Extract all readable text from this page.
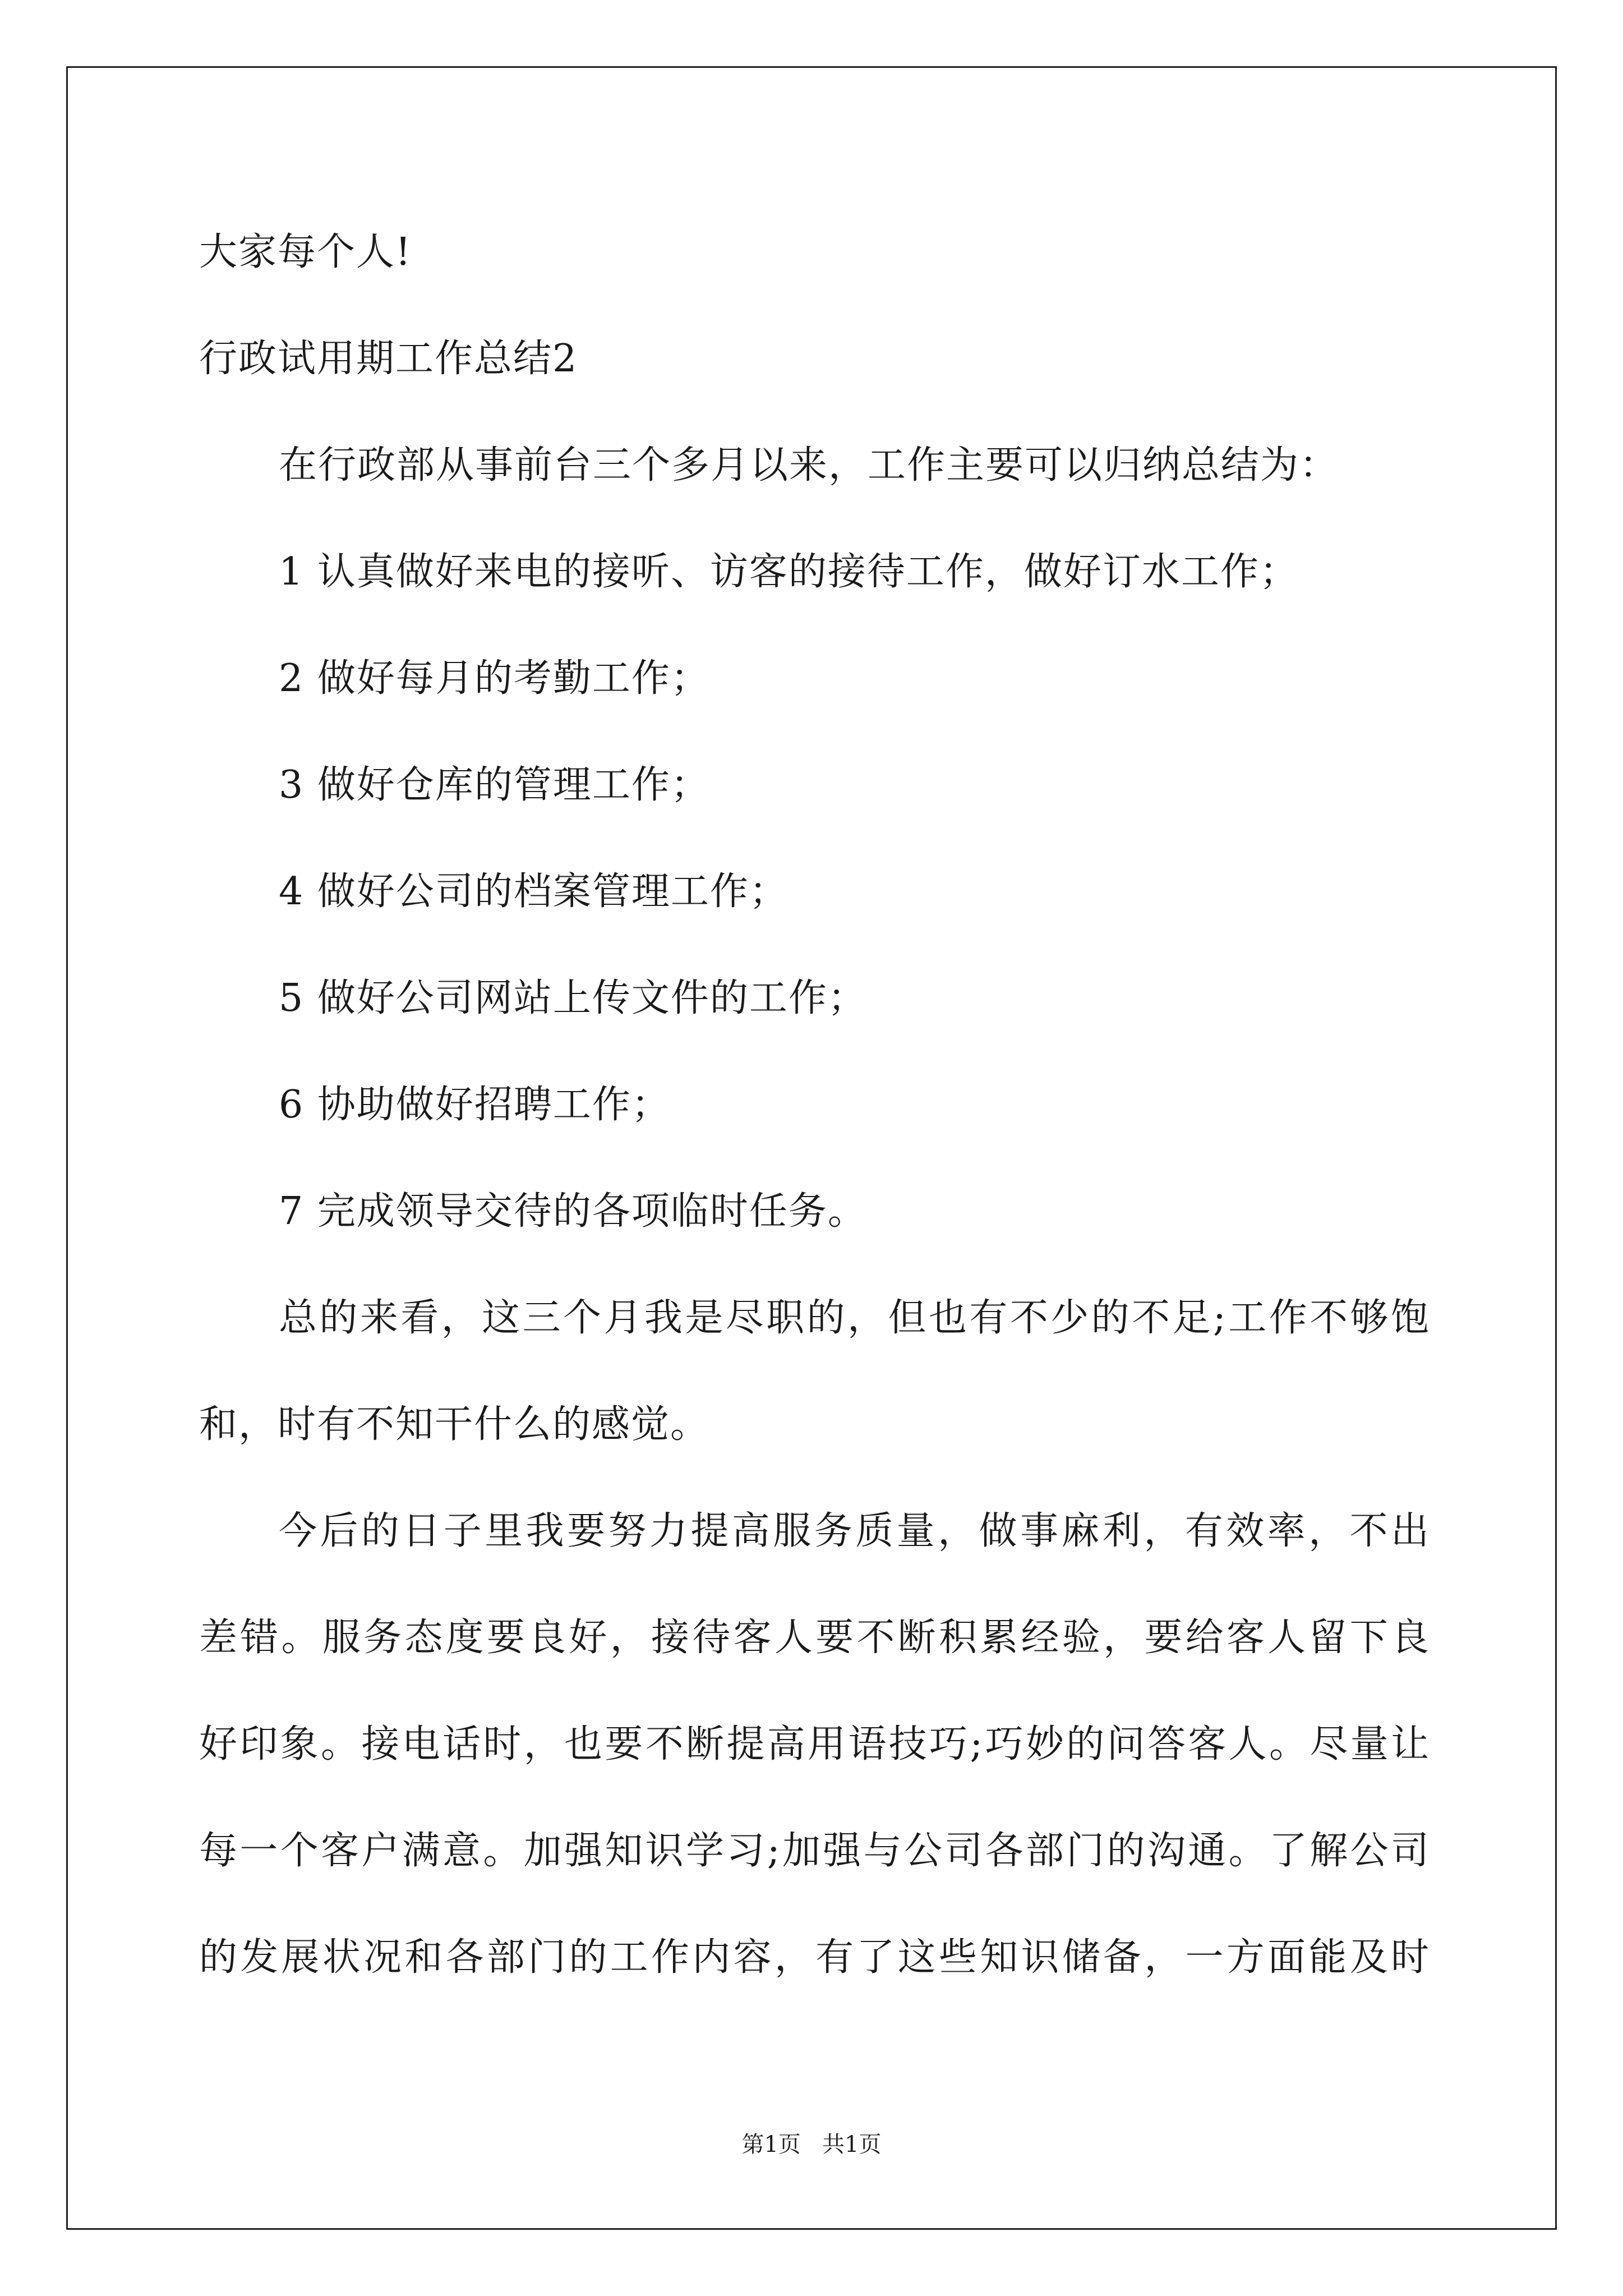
大家每个人!
行政试用期工作总结2
在行政部从事前台三个多月以来，工作主要可以归纳总结为：
1 认真做好来电的接听、访客的接待工作，做好订水工作；
2 做好每月的考勤工作；
3 做好仓库的管理工作；
4 做好公司的档案管理工作；
5 做好公司网站上传文件的工作；
6 协助做好招聘工作；
7 完成领导交待的各项临时任务。
总的来看，这三个月我是尽职的，但也有不少的不足;工作不够饱
和，时有不知干什么的感觉。
今后的日子里我要努力提高服务质量，做事麻利，有效率，不出
差错。服务态度要良好，接待客人要不断积累经验，要给客人留下良
好印象。接电话时，也要不断提高用语技巧;巧妙的问答客人。尽量让
每一个客户满意。加强知识学习;加强与公司各部门的沟通。了解公司
的发展状况和各部门的工作内容，有了这些知识储备，一方面能及时
第1页   共1页
